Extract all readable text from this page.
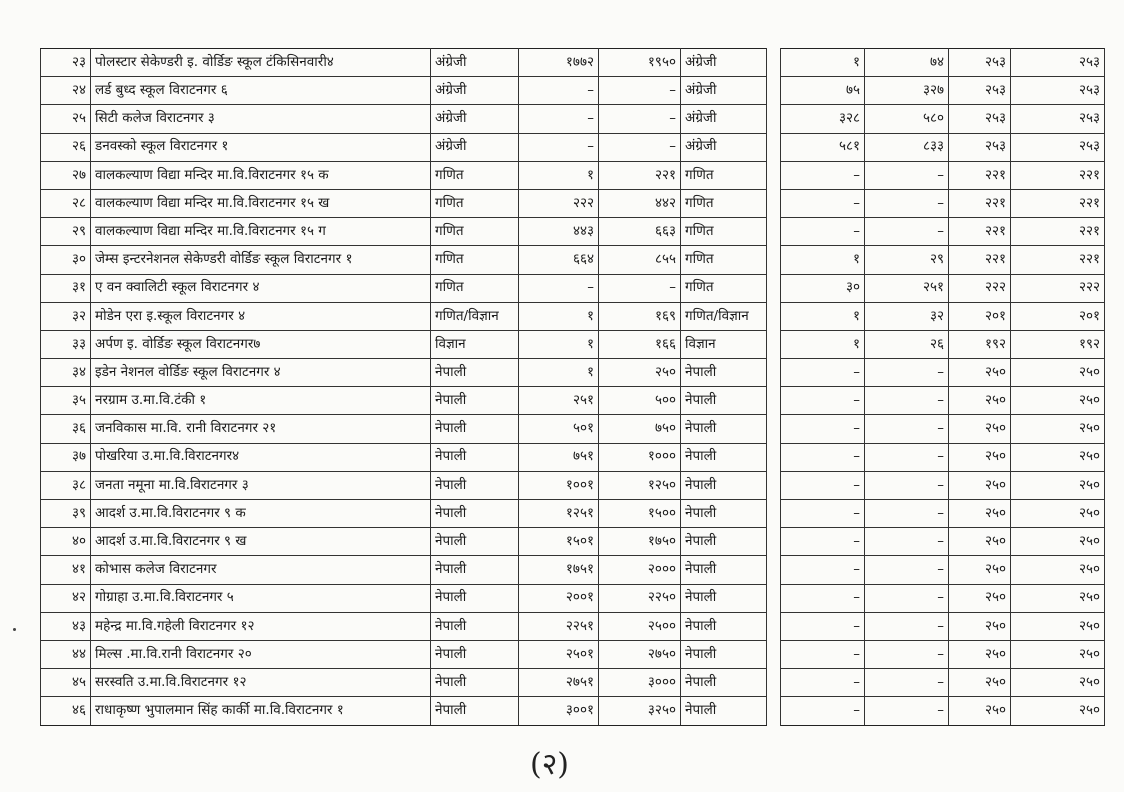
२३	पोलस्टार सेकेण्डरी इ. वोर्डिङ स्कूल टंकिसिनवारी४	अंग्रेजी	१७७२	१९५०	अंग्रेजी		१	७४	२५३	२५३
२४	लर्ड बुध्द स्कूल विराटनगर ६	अंग्रेजी	–	–	अंग्रेजी		७५	३२७	२५३	२५३
२५	सिटी कलेज विराटनगर ३	अंग्रेजी	–	–	अंग्रेजी		३२८	५८०	२५३	२५३
२६	डनवस्को स्कूल विराटनगर १	अंग्रेजी	–	–	अंग्रेजी		५८१	८३३	२५३	२५३
२७	वालकल्याण विद्या मन्दिर मा.वि.विराटनगर १५ क	गणित	१	२२१	गणित		–	–	२२१	२२१
२८	वालकल्याण विद्या मन्दिर मा.वि.विराटनगर १५ ख	गणित	२२२	४४२	गणित		–	–	२२१	२२१
२९	वालकल्याण विद्या मन्दिर मा.वि.विराटनगर १५ ग	गणित	४४३	६६३	गणित		–	–	२२१	२२१
३०	जेम्स इन्टरनेशनल सेकेण्डरी वोर्डिङ स्कूल विराटनगर १	गणित	६६४	८५५	गणित		१	२९	२२१	२२१
३१	ए वन क्वालिटी स्कूल विराटनगर ४	गणित	–	–	गणित		३०	२५१	२२२	२२२
३२	मोडेन एरा इ.स्कूल विराटनगर ४	गणित/विज्ञान	१	१६९	गणित/विज्ञान		१	३२	२०१	२०१
३३	अर्पण इ. वोर्डिङ स्कूल विराटनगर७	विज्ञान	१	१६६	विज्ञान		१	२६	१९२	१९२
३४	इडेन नेशनल वोर्डिङ स्कूल विराटनगर ४	नेपाली	१	२५०	नेपाली		–	–	२५०	२५०
३५	नरग्राम उ.मा.वि.टंकी १	नेपाली	२५१	५००	नेपाली		–	–	२५०	२५०
३६	जनविकास मा.वि. रानी विराटनगर २१	नेपाली	५०१	७५०	नेपाली		–	–	२५०	२५०
३७	पोखरिया उ.मा.वि.विराटनगर४	नेपाली	७५१	१०००	नेपाली		–	–	२५०	२५०
३८	जनता नमूना मा.वि.विराटनगर ३	नेपाली	१००१	१२५०	नेपाली		–	–	२५०	२५०
३९	आदर्श उ.मा.वि.विराटनगर ९ क	नेपाली	१२५१	१५००	नेपाली		–	–	२५०	२५०
४०	आदर्श उ.मा.वि.विराटनगर ९ ख	नेपाली	१५०१	१७५०	नेपाली		–	–	२५०	२५०
४१	कोभास कलेज विराटनगर	नेपाली	१७५१	२०००	नेपाली		–	–	२५०	२५०
४२	गोग्राहा उ.मा.वि.विराटनगर ५	नेपाली	२००१	२२५०	नेपाली		–	–	२५०	२५०
४३	महेन्द्र मा.वि.गहेली विराटनगर १२	नेपाली	२२५१	२५००	नेपाली		–	–	२५०	२५०
४४	मिल्स .मा.वि.रानी विराटनगर २०	नेपाली	२५०१	२७५०	नेपाली		–	–	२५०	२५०
४५	सरस्वति उ.मा.वि.विराटनगर १२	नेपाली	२७५१	३०००	नेपाली		–	–	२५०	२५०
४६	राधाकृष्ण भुपालमान सिंह कार्की मा.वि.विराटनगर १	नेपाली	३००१	३२५०	नेपाली		–	–	२५०	२५०
(२)
